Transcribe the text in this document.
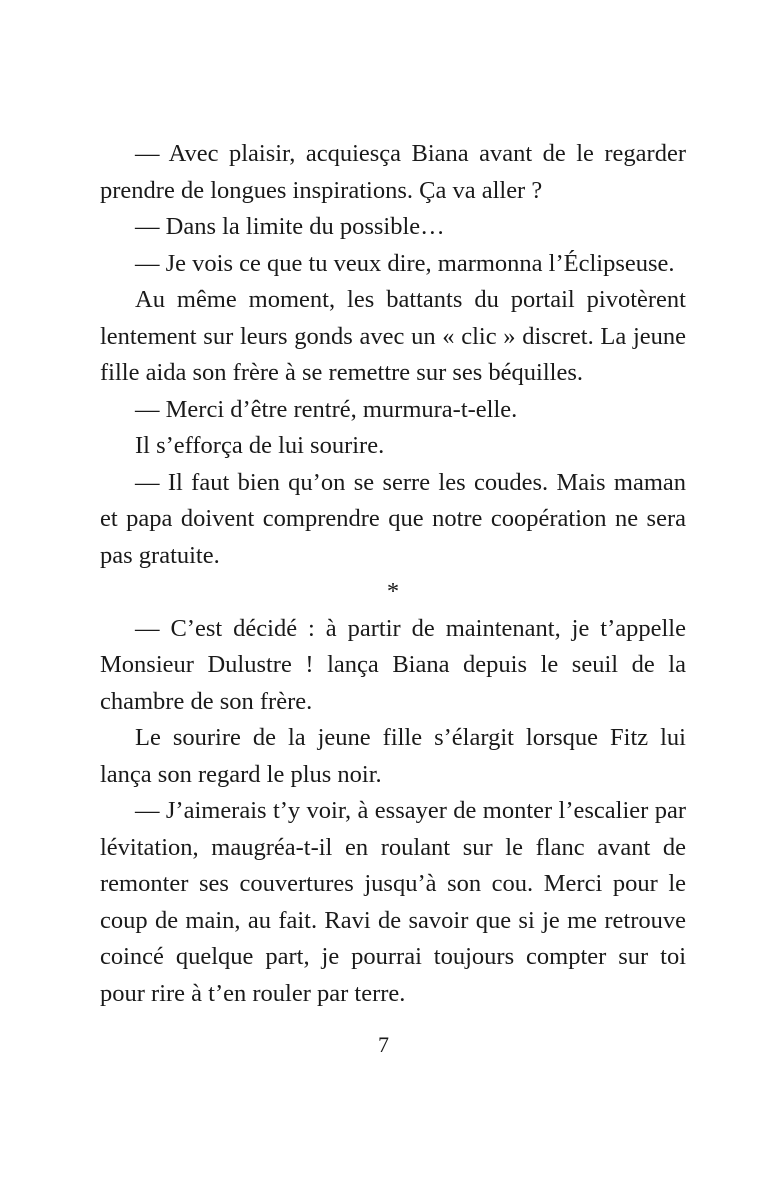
— Avec plaisir, acquiesça Biana avant de le regarder prendre de longues inspirations. Ça va aller ?

— Dans la limite du possible…

— Je vois ce que tu veux dire, marmonna l’Éclipseuse.

Au même moment, les battants du portail pivotèrent lentement sur leurs gonds avec un « clic » discret. La jeune fille aida son frère à se remettre sur ses béquilles.

— Merci d’être rentré, murmura-t-elle.

Il s’efforça de lui sourire.

— Il faut bien qu’on se serre les coudes. Mais maman et papa doivent comprendre que notre coopération ne sera pas gratuite.

*

— C’est décidé : à partir de maintenant, je t’appelle Monsieur Dulustre ! lança Biana depuis le seuil de la chambre de son frère.

Le sourire de la jeune fille s’élargit lorsque Fitz lui lança son regard le plus noir.

— J’aimerais t’y voir, à essayer de monter l’escalier par lévitation, maugréa-t-il en roulant sur le flanc avant de remonter ses couvertures jusqu’à son cou. Merci pour le coup de main, au fait. Ravi de savoir que si je me retrouve coincé quelque part, je pourrai toujours compter sur toi pour rire à t’en rouler par terre.

7
